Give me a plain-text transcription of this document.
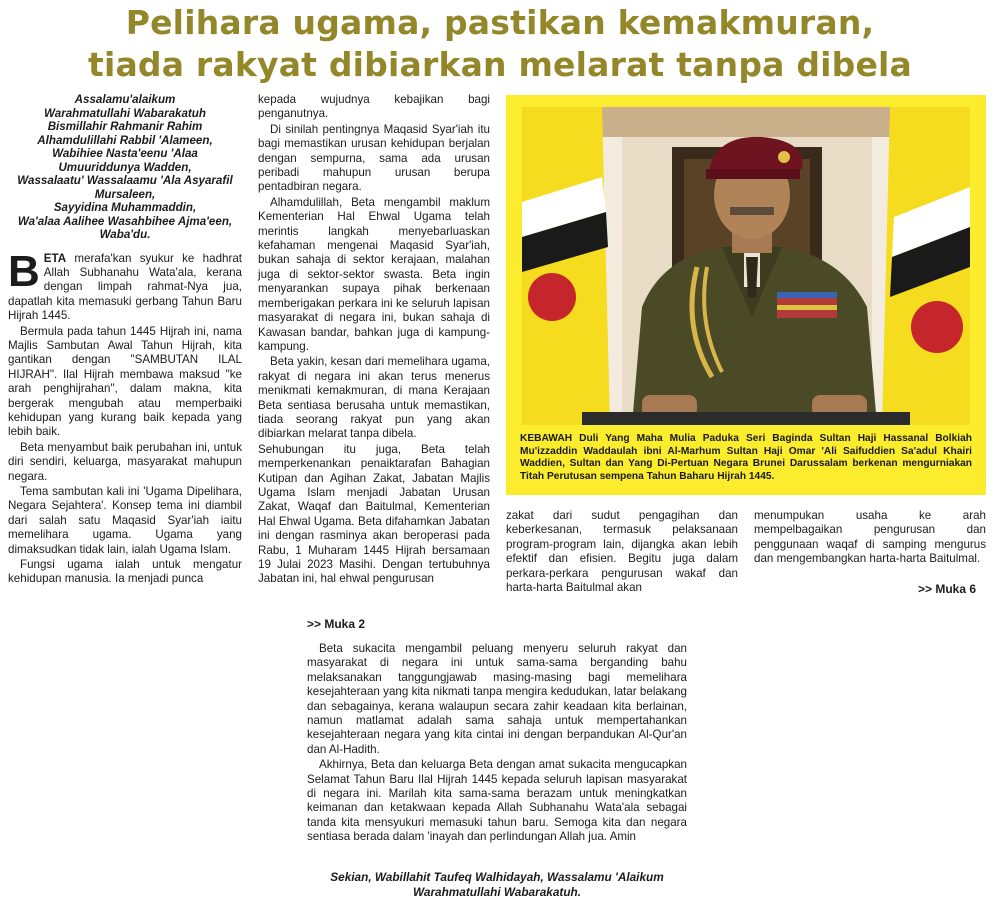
Pelihara ugama, pastikan kemakmuran,
tiada rakyat dibiarkan melarat tanpa dibela
Assalamu'alaikum
Warahmatullahi Wabarakatuh
Bismillahir Rahmanir Rahim
Alhamdulillahi Rabbil 'Alameen,
Wabihiee Nasta'eenu 'Alaa
Umuuriddunya Wadden,
Wassalaatu' Wassalaamu 'Ala Asyarafil
Mursaleen,
Sayyidina Muhammaddin,
Wa'alaa Aalihee Wasahbihee Ajma'een,
Waba'du.

BETA merafa'kan syukur ke hadhrat Allah Subhanahu Wata'ala, kerana dengan limpah rahmat-Nya jua, dapatlah kita memasuki gerbang Tahun Baru Hijrah 1445.

Bermula pada tahun 1445 Hijrah ini, nama Majlis Sambutan Awal Tahun Hijrah, kita gantikan dengan "SAMBUTAN ILAL HIJRAH". Ilal Hijrah membawa maksud "ke arah penghijrahan", dalam makna, kita bergerak mengubah atau memperbaiki kehidupan yang kurang baik kepada yang lebih baik.

Beta menyambut baik perubahan ini, untuk diri sendiri, keluarga, masyarakat mahupun negara.

Tema sambutan kali ini 'Ugama Dipelihara, Negara Sejahtera'. Konsep tema ini diambil dari salah satu Maqasid Syar'iah iaitu memelihara ugama. Ugama yang dimaksudkan tidak lain, ialah Ugama Islam.

Fungsi ugama ialah untuk mengatur kehidupan manusia. Ia menjadi punca

kepada wujudnya kebajikan bagi penganutnya.

Di sinilah pentingnya Maqasid Syar'iah itu bagi memastikan urusan kehidupan berjalan dengan sempurna, sama ada urusan peribadi mahupun urusan berupa pentadbiran negara.

Alhamdulillah, Beta mengambil maklum Kementerian Hal Ehwal Ugama telah merintis langkah menyebarluaskan kefahaman mengenai Maqasid Syar'iah, bukan sahaja di sektor kerajaan, malahan juga di sektor-sektor swasta. Beta ingin menyarankan supaya pihak berkenaan memberigakan perkara ini ke seluruh lapisan masyarakat di negara ini, bukan sahaja di Kawasan bandar, bahkan juga di kampung-kampung.

Beta yakin, kesan dari memelihara ugama, rakyat di negara ini akan terus menerus menikmati kemakmuran, di mana Kerajaan Beta sentiasa berusaha untuk memastikan, tiada seorang rakyat pun yang akan dibiarkan melarat tanpa dibela.

Sehubungan itu juga, Beta telah memperkenankan penaiktarafan Bahagian Kutipan dan Agihan Zakat, Jabatan Majlis Ugama Islam menjadi Jabatan Urusan Zakat, Waqaf dan Baitulmal, Kementerian Hal Ehwal Ugama. Beta difahamkan Jabatan ini dengan rasminya akan beroperasi pada Rabu, 1 Muharam 1445 Hijrah bersamaan 19 Julai 2023 Masihi. Dengan tertubuhnya Jabatan ini, hal ehwal pengurusan

KEBAWAH Duli Yang Maha Mulia Paduka Seri Baginda Sultan Haji Hassanal Bolkiah Mu'izzaddin Waddaulah ibni Al-Marhum Sultan Haji Omar 'Ali Saifuddien Sa'adul Khairi Waddien, Sultan dan Yang Di-Pertuan Negara Brunei Darussalam berkenan mengurniakan Titah Perutusan sempena Tahun Baharu Hijrah 1445.

zakat dari sudut pengagihan dan keberkesanan, termasuk pelaksanaan program-program lain, dijangka akan lebih efektif dan efisien. Begitu juga dalam perkara-perkara pengurusan wakaf dan harta-harta Baitulmal akan

menumpukan usaha ke arah mempelbagaikan pengurusan dan penggunaan waqaf di samping mengurus dan mengembangkan harta-harta Baitulmal.

>> Muka 6
>> Muka 2

Beta sukacita mengambil peluang menyeru seluruh rakyat dan masyarakat di negara ini untuk sama-sama berganding bahu melaksanakan tanggungjawab masing-masing bagi memelihara kesejahteraan yang kita nikmati tanpa mengira kedudukan, latar belakang dan sebagainya, kerana walaupun secara zahir keadaan kita berlainan, namun matlamat adalah sama sahaja untuk mempertahankan kesejahteraan negara yang kita cintai ini dengan berpandukan Al-Qur'an dan Al-Hadith.

Akhirnya, Beta dan keluarga Beta dengan amat sukacita mengucapkan Selamat Tahun Baru Ilal Hijrah 1445 kepada seluruh lapisan masyarakat di negara ini. Marilah kita sama-sama berazam untuk meningkatkan keimanan dan ketakwaan kepada Allah Subhanahu Wata'ala sebagai tanda kita mensyukuri memasuki tahun baru. Semoga kita dan negara sentiasa berada dalam 'inayah dan perlindungan Allah jua. Amin

Sekian, Wabillahit Taufeq Walhidayah, Wassalamu 'Alaikum
Warahmatullahi Wabarakatuh.
